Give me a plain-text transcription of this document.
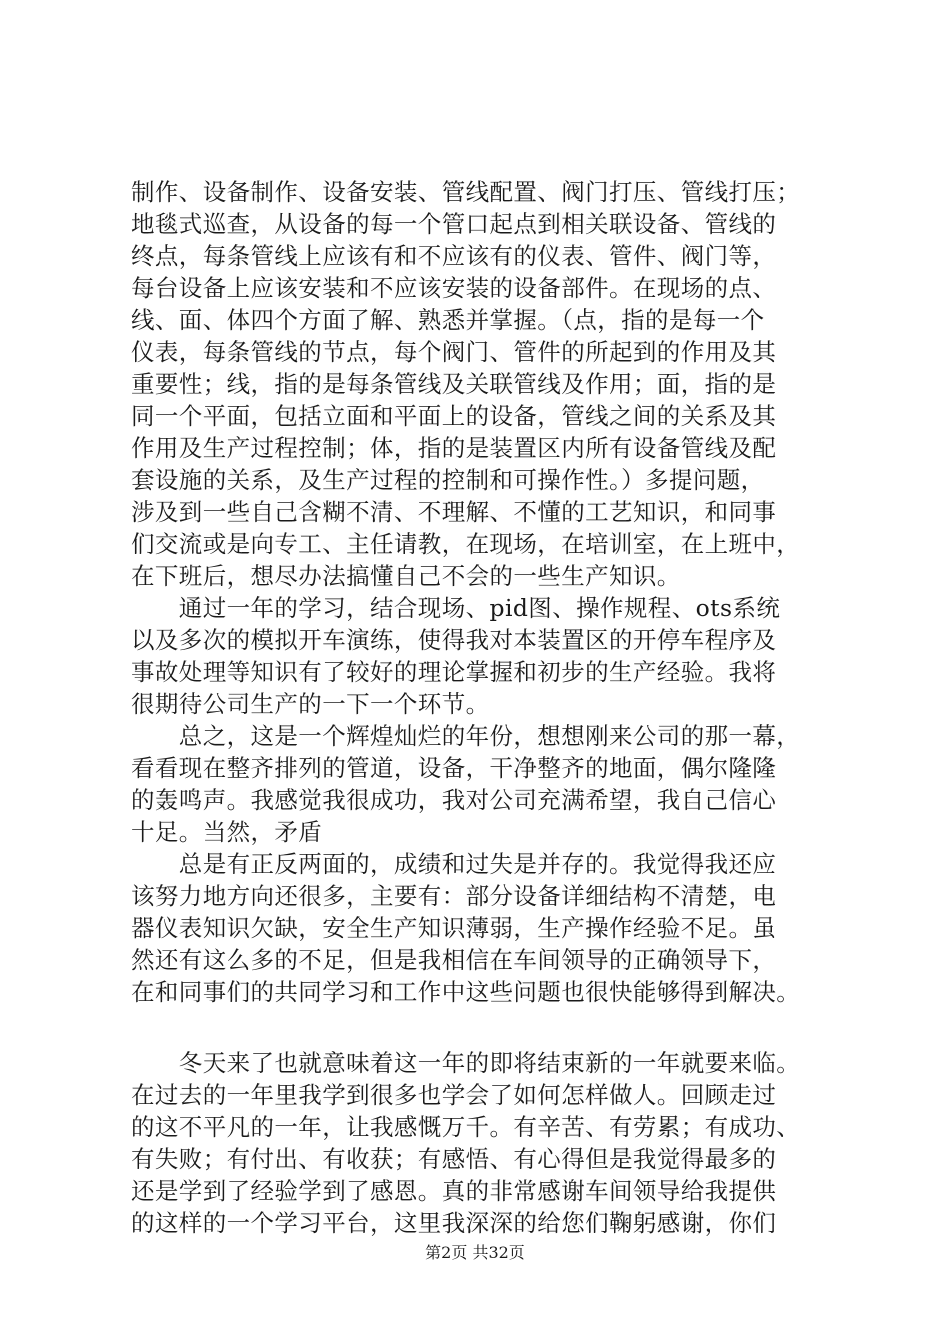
制作、设备制作、设备安装、管线配置、阀门打压、管线打压；
地毯式巡查，从设备的每一个管口起点到相关联设备、管线的
终点，每条管线上应该有和不应该有的仪表、管件、阀门等，
每台设备上应该安装和不应该安装的设备部件。在现场的点、
线、面、体四个方面了解、熟悉并掌握。（点，指的是每一个
仪表，每条管线的节点，每个阀门、管件的所起到的作用及其
重要性；线，指的是每条管线及关联管线及作用；面，指的是
同一个平面，包括立面和平面上的设备，管线之间的关系及其
作用及生产过程控制；体，指的是装置区内所有设备管线及配
套设施的关系，及生产过程的控制和可操作性。）多提问题，
涉及到一些自己含糊不清、不理解、不懂的工艺知识，和同事
们交流或是向专工、主任请教，在现场，在培训室，在上班中，
在下班后，想尽办法搞懂自己不会的一些生产知识。
　　通过一年的学习，结合现场、pid图、操作规程、ots系统
以及多次的模拟开车演练，使得我对本装置区的开停车程序及
事故处理等知识有了较好的理论掌握和初步的生产经验。我将
很期待公司生产的一下一个环节。
　　总之，这是一个辉煌灿烂的年份，想想刚来公司的那一幕，
看看现在整齐排列的管道，设备，干净整齐的地面，偶尔隆隆
的轰鸣声。我感觉我很成功，我对公司充满希望，我自己信心
十足。当然，矛盾
　　总是有正反两面的，成绩和过失是并存的。我觉得我还应
该努力地方向还很多，主要有：部分设备详细结构不清楚，电
器仪表知识欠缺，安全生产知识薄弱，生产操作经验不足。虽
然还有这么多的不足，但是我相信在车间领导的正确领导下，
在和同事们的共同学习和工作中这些问题也很快能够得到解决。
　　冬天来了也就意味着这一年的即将结束新的一年就要来临。
在过去的一年里我学到很多也学会了如何怎样做人。回顾走过
的这不平凡的一年，让我感慨万千。有辛苦、有劳累；有成功、
有失败；有付出、有收获；有感悟、有心得但是我觉得最多的
还是学到了经验学到了感恩。真的非常感谢车间领导给我提供
的这样的一个学习平台，这里我深深的给您们鞠躬感谢，你们
第2页 共32页
